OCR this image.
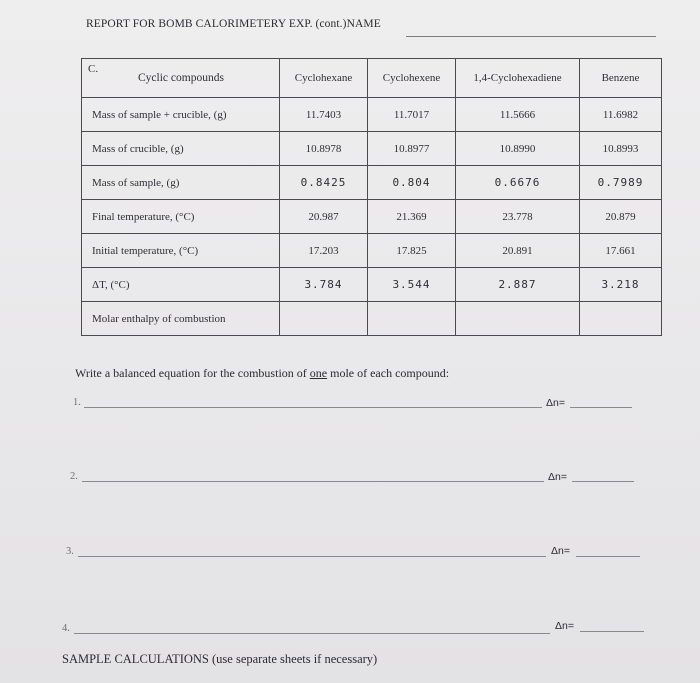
REPORT FOR BOMB CALORIMETERY EXP. (cont.)NAME
C.
Cyclic compounds	Cyclohexane	Cyclohexene	1,4-Cyclohexadiene	Benzene
Mass of sample + crucible, (g)	11.7403	11.7017	11.5666	11.6982
Mass of crucible, (g)	10.8978	10.8977	10.8990	10.8993
Mass of sample, (g)	0.8425	0.804	0.6676	0.7989
Final temperature, (°C)	20.987	21.369	23.778	20.879
Initial temperature, (°C)	17.203	17.825	20.891	17.661
ΔT, (°C)	3.784	3.544	2.887	3.218
Molar enthalpy of combustion				
Write a balanced equation for the combustion of one mole of each compound:
1.	Δn=
2.	Δn=
3.	Δn=
4.	Δn=
SAMPLE CALCULATIONS (use separate sheets if necessary)
